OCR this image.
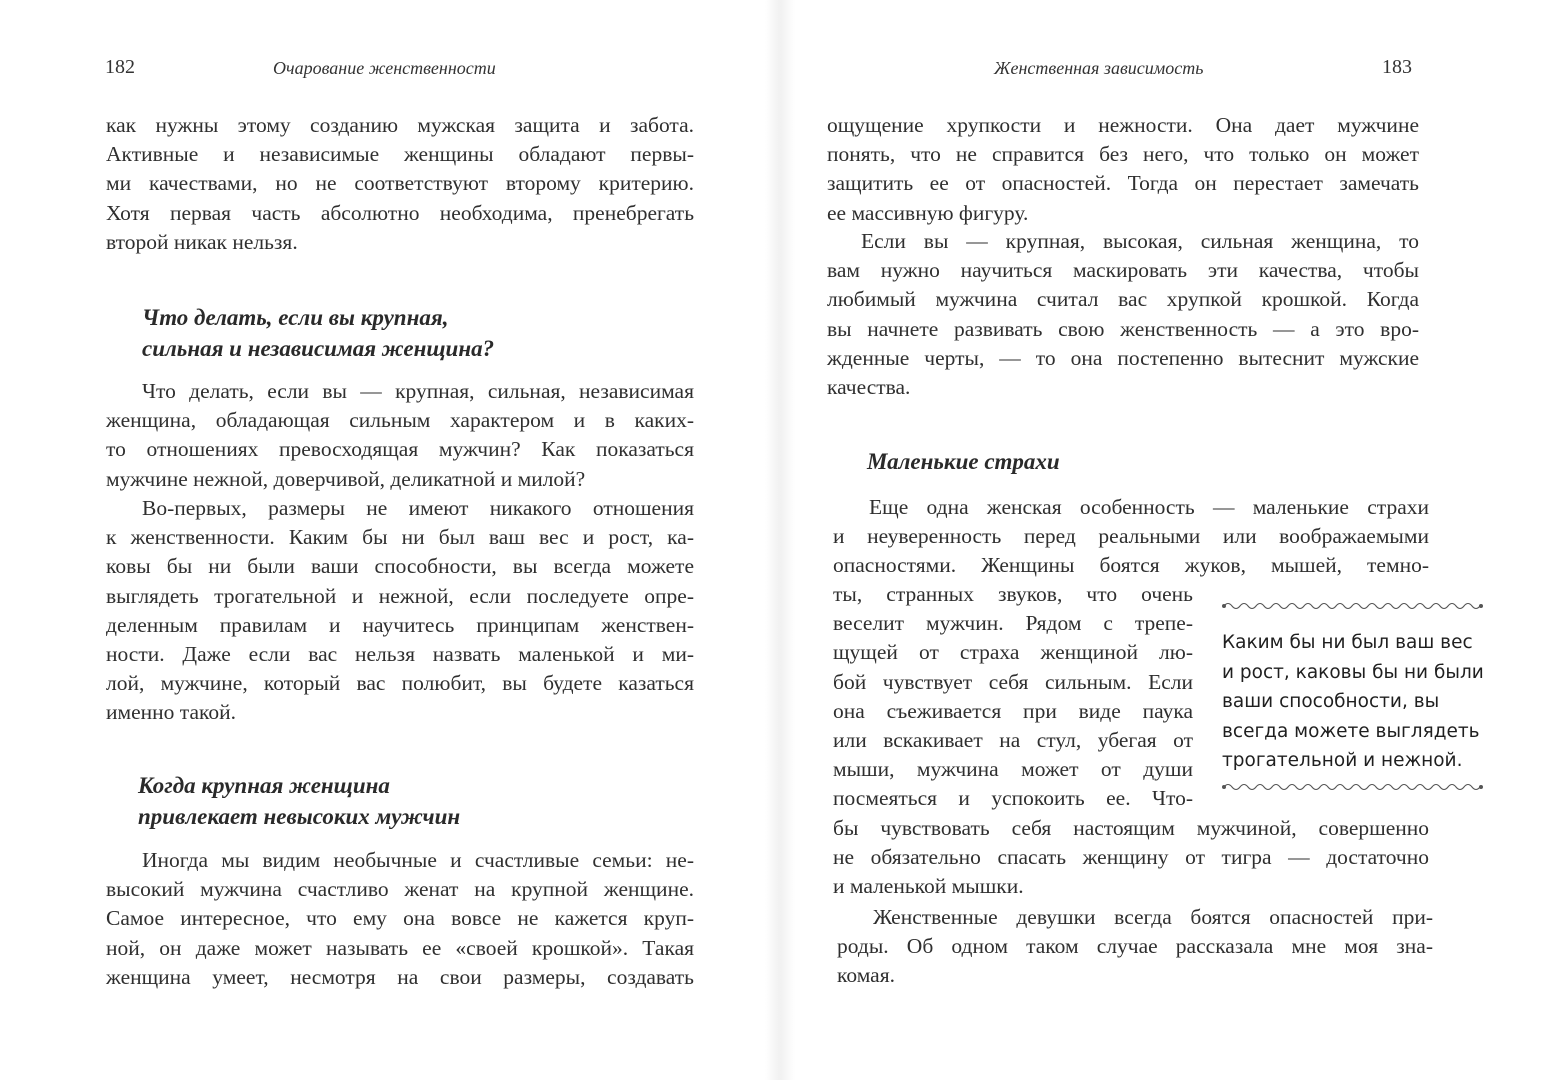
182	Очарование женственности

как нужны этому созданию мужская защита и забота.
Активные и независимые женщины обладают первы-
ми качествами, но не соответствуют второму критерию.
Хотя первая часть абсолютно необходима, пренебрегать
второй никак нельзя.

Что делать, если вы крупная,
сильная и независимая женщина?

Что делать, если вы — крупная, сильная, независимая
женщина, обладающая сильным характером и в каких-
то отношениях превосходящая мужчин? Как показаться
мужчине нежной, доверчивой, деликатной и милой?

Во-первых, размеры не имеют никакого отношения
к женственности. Каким бы ни был ваш вес и рост, ка-
ковы бы ни были ваши способности, вы всегда можете
выглядеть трогательной и нежной, если последуете опре-
деленным правилам и научитесь принципам женствен-
ности. Даже если вас нельзя назвать маленькой и ми-
лой, мужчине, который вас полюбит, вы будете казаться
именно такой.

Когда крупная женщина
привлекает невысоких мужчин

Иногда мы видим необычные и счастливые семьи: не-
высокий мужчина счастливо женат на крупной женщине.
Самое интересное, что ему она вовсе не кажется круп-
ной, он даже может называть ее «своей крошкой». Такая
женщина умеет, несмотря на свои размеры, создавать

Женственная зависимость	183

ощущение хрупкости и нежности. Она дает мужчине
понять, что не справится без него, что только он может
защитить ее от опасностей. Тогда он перестает замечать
ее массивную фигуру.

Если вы — крупная, высокая, сильная женщина, то
вам нужно научиться маскировать эти качества, чтобы
любимый мужчина считал вас хрупкой крошкой. Когда
вы начнете развивать свою женственность — а это вро-
жденные черты, — то она постепенно вытеснит мужские
качества.

Маленькие страхи

Еще одна женская особенность — маленькие страхи
и неуверенность перед реальными или воображаемыми
опасностями. Женщины боятся жуков, мышей, темно-

ты, странных звуков, что очень
веселит мужчин. Рядом с трепе-
щущей от страха женщиной лю-
бой чувствует себя сильным. Если
она съеживается при виде паука
или вскакивает на стул, убегая от
мыши, мужчина может от души
посмеяться и успокоить ее. Что-

бы чувствовать себя настоящим мужчиной, совершенно
не обязательно спасать женщину от тигра — достаточно
и маленькой мышки.

Женственные девушки всегда боятся опасностей при-
роды. Об одном таком случае рассказала мне моя зна-
комая.

Каким бы ни был ваш вес
и рост, каковы бы ни были
ваши способности, вы
всегда можете выглядеть
трогательной и нежной.
